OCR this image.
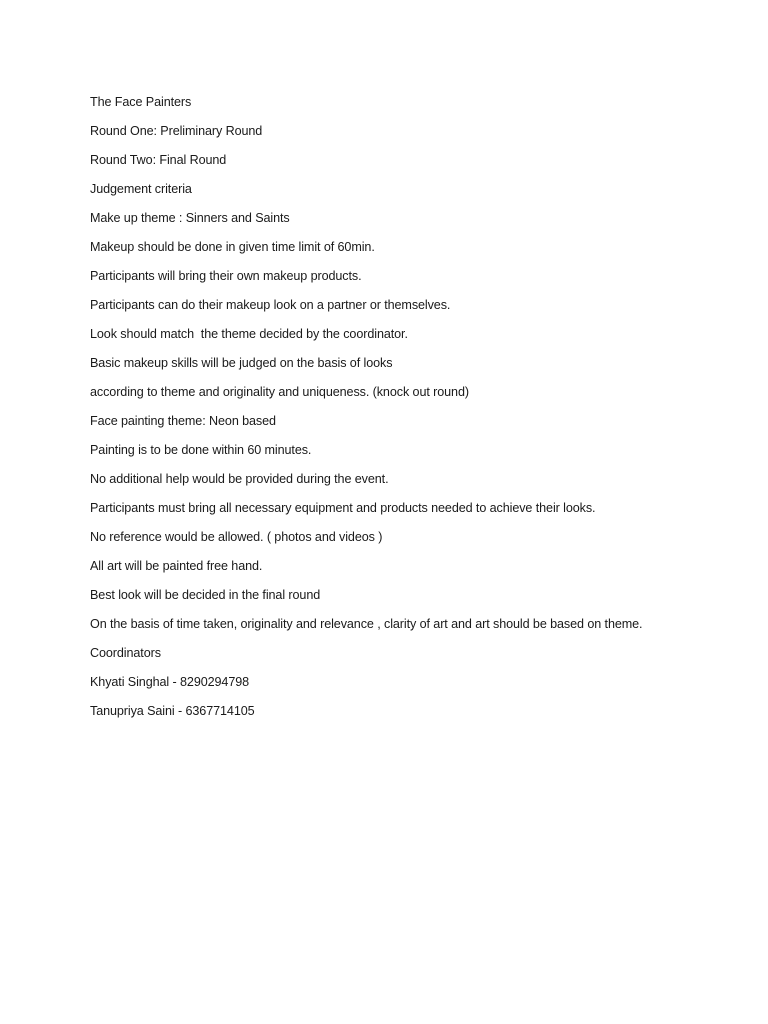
The Face Painters
Round One: Preliminary Round
Round Two: Final Round
Judgement criteria
Make up theme : Sinners and Saints
Makeup should be done in given time limit of 60min.
Participants will bring their own makeup products.
Participants can do their makeup look on a partner or themselves.
Look should match  the theme decided by the coordinator.
Basic makeup skills will be judged on the basis of looks
according to theme and originality and uniqueness. (knock out round)
Face painting theme: Neon based
Painting is to be done within 60 minutes.
No additional help would be provided during the event.
Participants must bring all necessary equipment and products needed to achieve their looks.
No reference would be allowed. ( photos and videos )
All art will be painted free hand.
Best look will be decided in the final round
On the basis of time taken, originality and relevance , clarity of art and art should be based on theme.
Coordinators
Khyati Singhal - 8290294798
Tanupriya Saini - 6367714105
